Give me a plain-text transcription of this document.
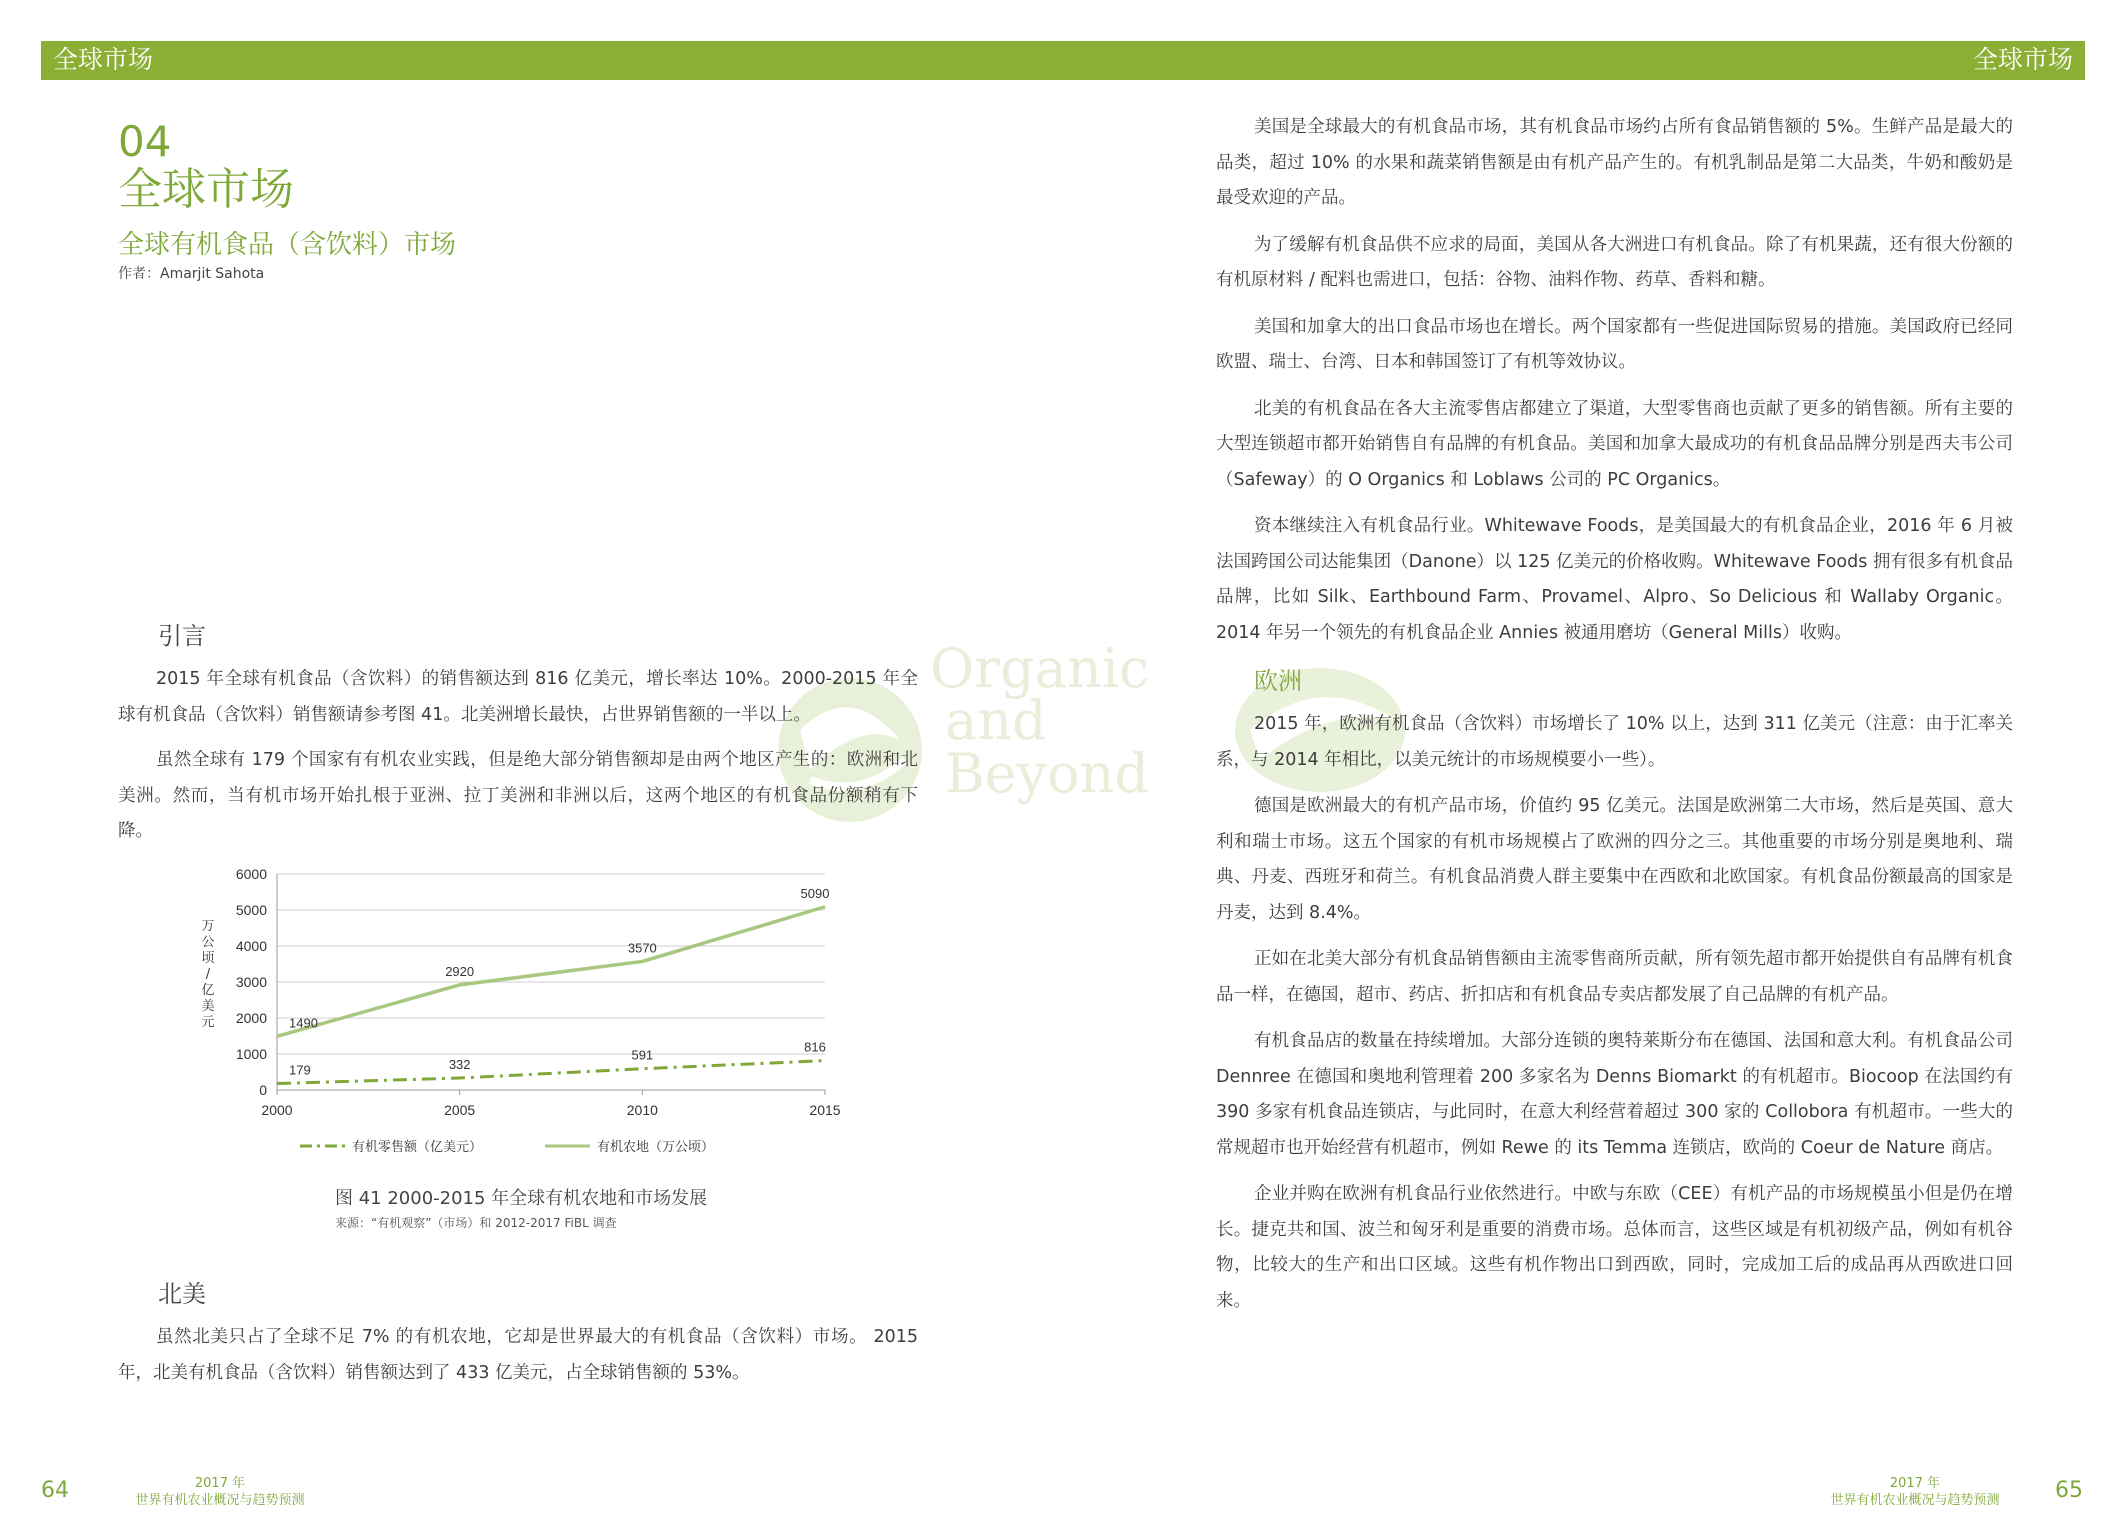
全球市场	全球市场
04
全球市场
全球有机食品（含饮料）市场
作者：Amarjit Sahota
Organic
and
Beyond
引言

2015 年全球有机食品（含饮料）的销售额达到 816 亿美元，增长率达 10%。2000-2015 年全球有机食品（含饮料）销售额请参考图 41。北美洲增长最快，占世界销售额的一半以上。

虽然全球有 179 个国家有有机农业实践，但是绝大部分销售额却是由两个地区产生的：欧洲和北美洲。然而，当有机市场开始扎根于亚洲、拉丁美洲和非洲以后，这两个地区的有机食品份额稍有下降。

0
1000
2000
3000
4000
5000
6000
2000	2005	2010	2015
万
公
顷
/
亿
美
元
179	332
591
816
1490
2920
3570
5090
有机零售额（亿美元）	有机农地（万公顷）
图 41 2000-2015 年全球有机农地和市场发展
来源：“有机观察”（市场）和 2012-2017 FiBL 调查
北美

虽然北美只占了全球不足 7% 的有机农地，它却是世界最大的有机食品（含饮料）市场。 2015 年，北美有机食品（含饮料）销售额达到了 433 亿美元，占全球销售额的 53%。

美国是全球最大的有机食品市场，其有机食品市场约占所有食品销售额的 5%。生鲜产品是最大的品类，超过 10% 的水果和蔬菜销售额是由有机产品产生的。有机乳制品是第二大品类，牛奶和酸奶是最受欢迎的产品。

为了缓解有机食品供不应求的局面，美国从各大洲进口有机食品。除了有机果蔬，还有很大份额的有机原材料 / 配料也需进口，包括：谷物、油料作物、药草、香料和糖。

美国和加拿大的出口食品市场也在增长。两个国家都有一些促进国际贸易的措施。美国政府已经同欧盟、瑞士、台湾、日本和韩国签订了有机等效协议。

北美的有机食品在各大主流零售店都建立了渠道，大型零售商也贡献了更多的销售额。所有主要的大型连锁超市都开始销售自有品牌的有机食品。美国和加拿大最成功的有机食品品牌分别是西夫韦公司（Safeway）的 O Organics 和 Loblaws 公司的 PC Organics。

资本继续注入有机食品行业。Whitewave Foods，是美国最大的有机食品企业，2016 年 6 月被法国跨国公司达能集团（Danone）以 125 亿美元的价格收购。Whitewave Foods 拥有很多有机食品品牌，比如 Silk、Earthbound Farm、Provamel、Alpro、So Delicious 和 Wallaby Organic。2014 年另一个领先的有机食品企业 Annies 被通用磨坊（General Mills）收购。

欧洲

2015 年，欧洲有机食品（含饮料）市场增长了 10% 以上，达到 311 亿美元（注意：由于汇率关系，与 2014 年相比，以美元统计的市场规模要小一些）。

德国是欧洲最大的有机产品市场，价值约 95 亿美元。法国是欧洲第二大市场，然后是英国、意大利和瑞士市场。这五个国家的有机市场规模占了欧洲的四分之三。其他重要的市场分别是奥地利、瑞典、丹麦、西班牙和荷兰。有机食品消费人群主要集中在西欧和北欧国家。有机食品份额最高的国家是丹麦，达到 8.4%。

正如在北美大部分有机食品销售额由主流零售商所贡献，所有领先超市都开始提供自有品牌有机食品一样，在德国，超市、药店、折扣店和有机食品专卖店都发展了自己品牌的有机产品。

有机食品店的数量在持续增加。大部分连锁的奥特莱斯分布在德国、法国和意大利。有机食品公司 Dennree 在德国和奥地利管理着 200 多家名为 Denns Biomarkt 的有机超市。Biocoop 在法国约有 390 多家有机食品连锁店，与此同时，在意大利经营着超过 300 家的 Collobora 有机超市。一些大的常规超市也开始经营有机超市，例如 Rewe 的 its Temma 连锁店，欧尚的 Coeur de Nature 商店。

企业并购在欧洲有机食品行业依然进行。中欧与东欧（CEE）有机产品的市场规模虽小但是仍在增长。捷克共和国、波兰和匈牙利是重要的消费市场。总体而言，这些区域是有机初级产品，例如有机谷物，比较大的生产和出口区域。这些有机作物出口到西欧，同时，完成加工后的成品再从西欧进口回来。

64	2017 年
世界有机农业概况与趋势预测
2017 年
世界有机农业概况与趋势预测	65
